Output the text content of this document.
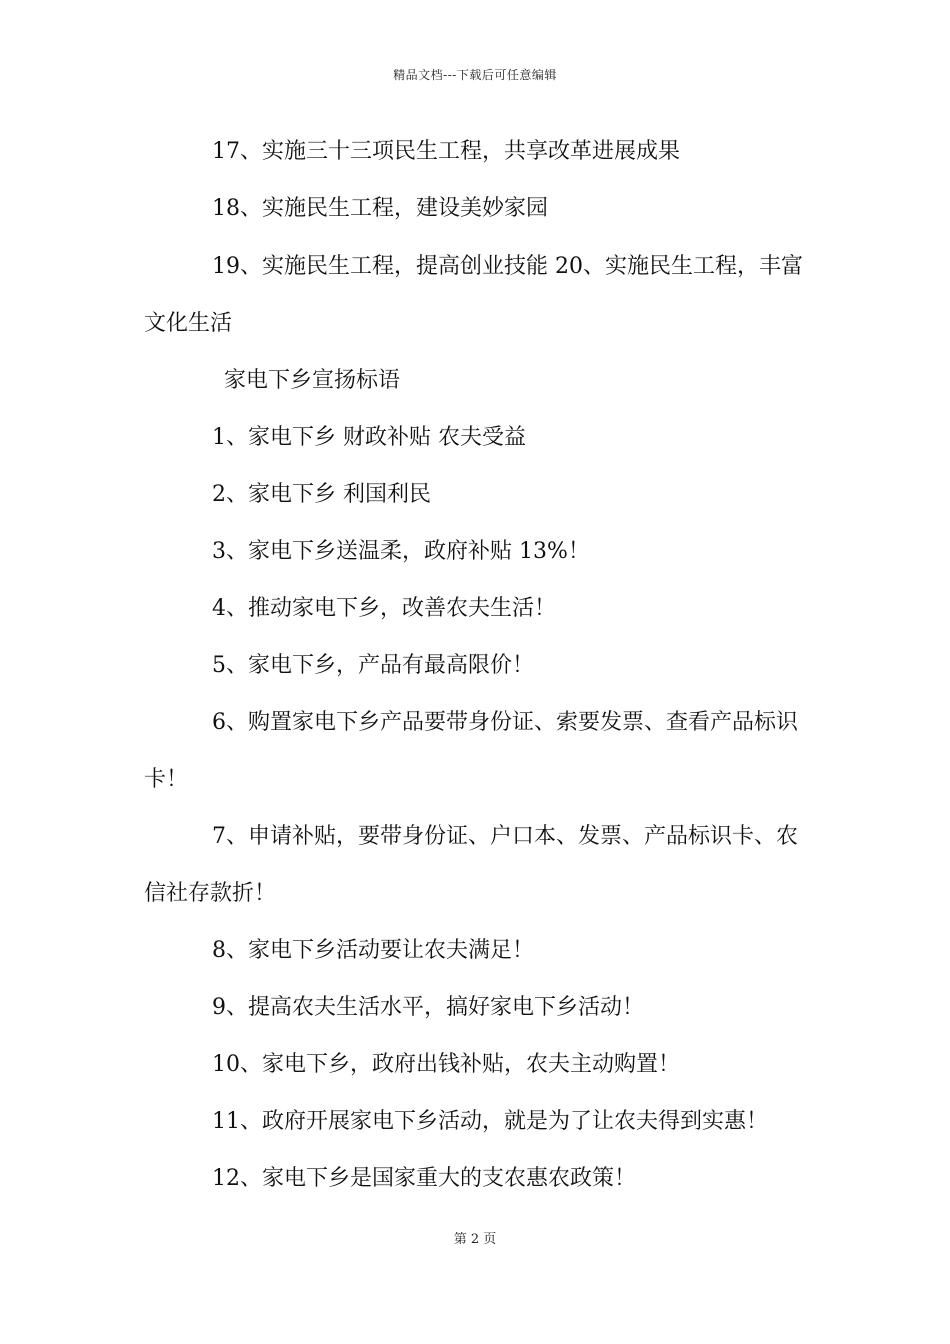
精品文档---下载后可任意编辑
17、实施三十三项民生工程，共享改革进展成果
18、实施民生工程，建设美妙家园
19、实施民生工程，提高创业技能 20、实施民生工程，丰富
文化生活
家电下乡宣扬标语
1、家电下乡 财政补贴 农夫受益
2、家电下乡 利国利民
3、家电下乡送温柔，政府补贴 13%！
4、推动家电下乡，改善农夫生活！
5、家电下乡，产品有最高限价！
6、购置家电下乡产品要带身份证、索要发票、查看产品标识
卡！
7、申请补贴，要带身份证、户口本、发票、产品标识卡、农
信社存款折！
8、家电下乡活动要让农夫满足！
9、提高农夫生活水平，搞好家电下乡活动！
10、家电下乡，政府出钱补贴，农夫主动购置！
11、政府开展家电下乡活动，就是为了让农夫得到实惠！
12、家电下乡是国家重大的支农惠农政策！
第 2 页
